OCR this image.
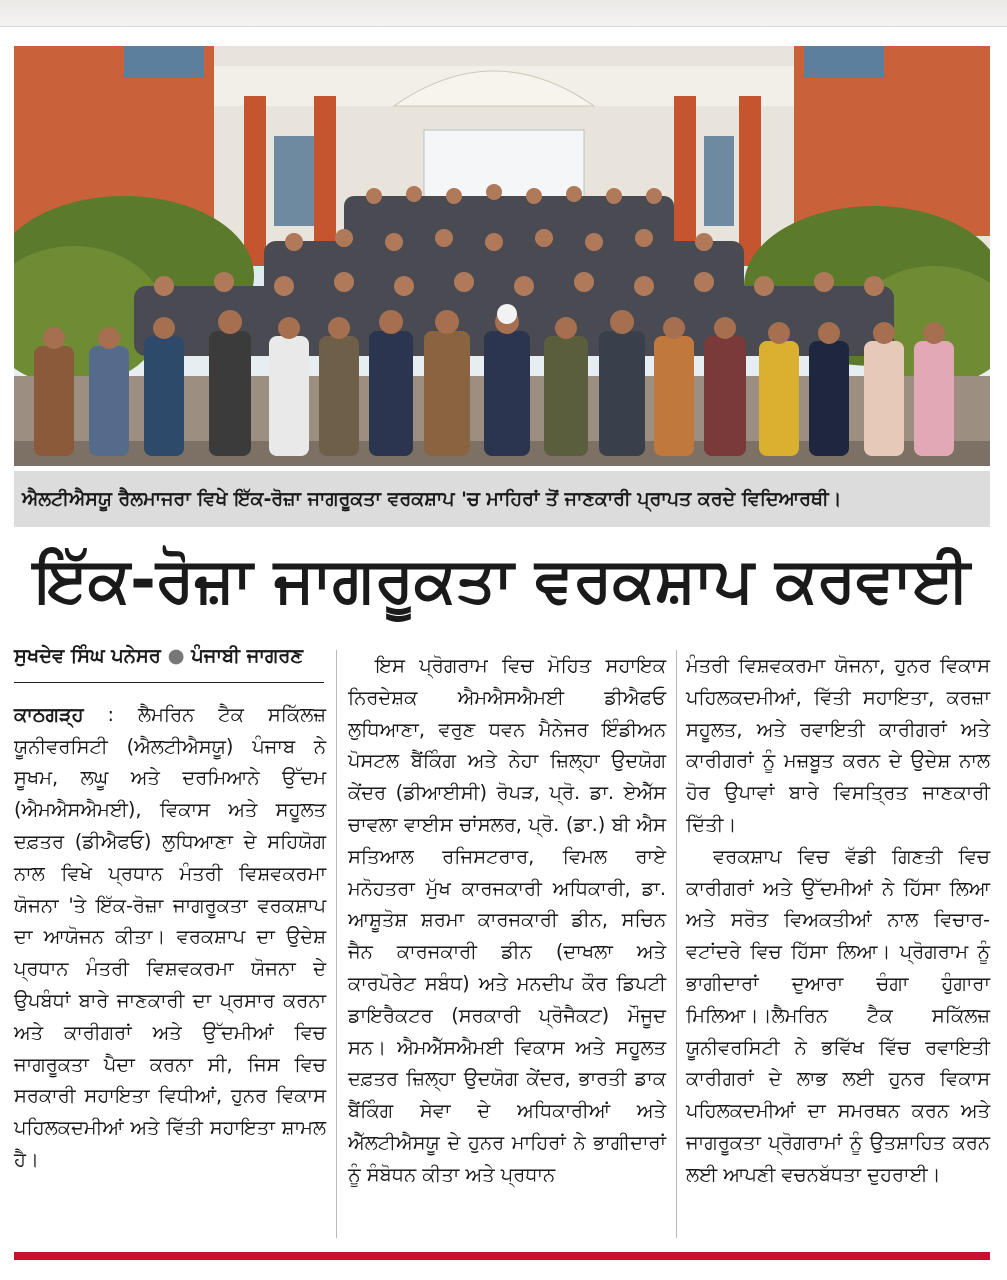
ਐਲਟੀਐਸਯੂ ਰੈਲਮਾਜਰਾ ਵਿਖੇ ਇੱਕ-ਰੋਜ਼ਾ ਜਾਗਰੂਕਤਾ ਵਰਕਸ਼ਾਪ 'ਚ ਮਾਹਿਰਾਂ ਤੋਂ ਜਾਣਕਾਰੀ ਪ੍ਰਾਪਤ ਕਰਦੇ ਵਿਦਿਆਰਥੀ।
ਇੱਕ-ਰੋਜ਼ਾ ਜਾਗਰੂਕਤਾ ਵਰਕਸ਼ਾਪ ਕਰਵਾਈ
ਸੁਖਦੇਵ ਸਿੰਘ ਪਨੇਸਰ ● ਪੰਜਾਬੀ ਜਾਗਰਣ

ਕਾਠਗੜ੍ਹ : ਲੈਮਰਿਨ ਟੈਕ ਸਕਿੱਲਜ਼ ਯੂਨੀਵਰਸਿਟੀ (ਐਲਟੀਐਸਯੂ) ਪੰਜਾਬ ਨੇ ਸੂਖਮ, ਲਘੂ ਅਤੇ ਦਰਮਿਆਨੇ ਉੱਦਮ (ਐਮਐਸਐਮਈ), ਵਿਕਾਸ ਅਤੇ ਸਹੂਲਤ ਦਫ਼ਤਰ (ਡੀਐਫਓ) ਲੁਧਿਆਣਾ ਦੇ ਸਹਿਯੋਗ ਨਾਲ ਵਿਖੇ ਪ੍ਰਧਾਨ ਮੰਤਰੀ ਵਿਸ਼ਵਕਰਮਾ ਯੋਜਨਾ 'ਤੇ ਇੱਕ-ਰੋਜ਼ਾ ਜਾਗਰੂਕਤਾ ਵਰਕਸ਼ਾਪ ਦਾ ਆਯੋਜਨ ਕੀਤਾ। ਵਰਕਸ਼ਾਪ ਦਾ ਉਦੇਸ਼ ਪ੍ਰਧਾਨ ਮੰਤਰੀ ਵਿਸ਼ਵਕਰਮਾ ਯੋਜਨਾ ਦੇ ਉਪਬੰਧਾਂ ਬਾਰੇ ਜਾਣਕਾਰੀ ਦਾ ਪ੍ਰਸਾਰ ਕਰਨਾ ਅਤੇ ਕਾਰੀਗਰਾਂ ਅਤੇ ਉੱਦਮੀਆਂ ਵਿਚ ਜਾਗਰੂਕਤਾ ਪੈਦਾ ਕਰਨਾ ਸੀ, ਜਿਸ ਵਿਚ ਸਰਕਾਰੀ ਸਹਾਇਤਾ ਵਿਧੀਆਂ, ਹੁਨਰ ਵਿਕਾਸ ਪਹਿਲਕਦਮੀਆਂ ਅਤੇ ਵਿੱਤੀ ਸਹਾਇਤਾ ਸ਼ਾਮਲ ਹੈ।

ਇਸ ਪ੍ਰੋਗਰਾਮ ਵਿਚ ਮੋਹਿਤ ਸਹਾਇਕ ਨਿਰਦੇਸ਼ਕ ਐਮਐਸਐਮਈ ਡੀਐਫਓ ਲੁਧਿਆਣਾ, ਵਰੁਣ ਧਵਨ ਮੈਨੇਜਰ ਇੰਡੀਅਨ ਪੋਸਟਲ ਬੈਂਕਿੰਗ ਅਤੇ ਨੇਹਾ ਜ਼ਿਲ੍ਹਾ ਉਦਯੋਗ ਕੇਂਦਰ (ਡੀਆਈਸੀ) ਰੋਪੜ, ਪ੍ਰੋ. ਡਾ. ਏਐੱਸ ਚਾਵਲਾ ਵਾਈਸ ਚਾਂਸਲਰ, ਪ੍ਰੋ. (ਡਾ.) ਬੀ ਐਸ ਸਤਿਆਲ ਰਜਿਸਟਰਾਰ, ਵਿਮਲ ਰਾਏ ਮਨੋਹਤਰਾ ਮੁੱਖ ਕਾਰਜਕਾਰੀ ਅਧਿਕਾਰੀ, ਡਾ. ਆਸ਼ੂਤੋਸ਼ ਸ਼ਰਮਾ ਕਾਰਜਕਾਰੀ ਡੀਨ, ਸਚਿਨ ਜੈਨ ਕਾਰਜਕਾਰੀ ਡੀਨ (ਦਾਖਲਾ ਅਤੇ ਕਾਰਪੋਰੇਟ ਸਬੰਧ) ਅਤੇ ਮਨਦੀਪ ਕੌਰ ਡਿਪਟੀ ਡਾਇਰੈਕਟਰ (ਸਰਕਾਰੀ ਪ੍ਰੋਜੈਕਟ) ਮੌਜੂਦ ਸਨ। ਐਮਐੱਸਐਮਈ ਵਿਕਾਸ ਅਤੇ ਸਹੂਲਤ ਦਫ਼ਤਰ ਜ਼ਿਲ੍ਹਾ ਉਦਯੋਗ ਕੇਂਦਰ, ਭਾਰਤੀ ਡਾਕ ਬੈਂਕਿੰਗ ਸੇਵਾ ਦੇ ਅਧਿਕਾਰੀਆਂ ਅਤੇ ਐੱਲਟੀਐਸਯੂ ਦੇ ਹੁਨਰ ਮਾਹਿਰਾਂ ਨੇ ਭਾਗੀਦਾਰਾਂ ਨੂੰ ਸੰਬੋਧਨ ਕੀਤਾ ਅਤੇ ਪ੍ਰਧਾਨ

ਮੰਤਰੀ ਵਿਸ਼ਵਕਰਮਾ ਯੋਜਨਾ, ਹੁਨਰ ਵਿਕਾਸ ਪਹਿਲਕਦਮੀਆਂ, ਵਿੱਤੀ ਸਹਾਇਤਾ, ਕਰਜ਼ਾ ਸਹੂਲਤ, ਅਤੇ ਰਵਾਇਤੀ ਕਾਰੀਗਰਾਂ ਅਤੇ ਕਾਰੀਗਰਾਂ ਨੂੰ ਮਜ਼ਬੂਤ ਕਰਨ ਦੇ ਉਦੇਸ਼ ਨਾਲ ਹੋਰ ਉਪਾਵਾਂ ਬਾਰੇ ਵਿਸਤ੍ਰਿਤ ਜਾਣਕਾਰੀ ਦਿੱਤੀ।

ਵਰਕਸ਼ਾਪ ਵਿਚ ਵੱਡੀ ਗਿਣਤੀ ਵਿਚ ਕਾਰੀਗਰਾਂ ਅਤੇ ਉੱਦਮੀਆਂ ਨੇ ਹਿੱਸਾ ਲਿਆ ਅਤੇ ਸਰੋਤ ਵਿਅਕਤੀਆਂ ਨਾਲ ਵਿਚਾਰ-ਵਟਾਂਦਰੇ ਵਿਚ ਹਿੱਸਾ ਲਿਆ। ਪ੍ਰੋਗਰਾਮ ਨੂੰ ਭਾਗੀਦਾਰਾਂ ਦੁਆਰਾ ਚੰਗਾ ਹੁੰਗਾਰਾ ਮਿਲਿਆ।।ਲੈਮਰਿਨ ਟੈਕ ਸਕਿੱਲਜ਼ ਯੂਨੀਵਰਸਿਟੀ ਨੇ ਭਵਿੱਖ ਵਿੱਚ ਰਵਾਇਤੀ ਕਾਰੀਗਰਾਂ ਦੇ ਲਾਭ ਲਈ ਹੁਨਰ ਵਿਕਾਸ ਪਹਿਲਕਦਮੀਆਂ ਦਾ ਸਮਰਥਨ ਕਰਨ ਅਤੇ ਜਾਗਰੂਕਤਾ ਪ੍ਰੋਗਰਾਮਾਂ ਨੂੰ ਉਤਸ਼ਾਹਿਤ ਕਰਨ ਲਈ ਆਪਣੀ ਵਚਨਬੱਧਤਾ ਦੁਹਰਾਈ।
